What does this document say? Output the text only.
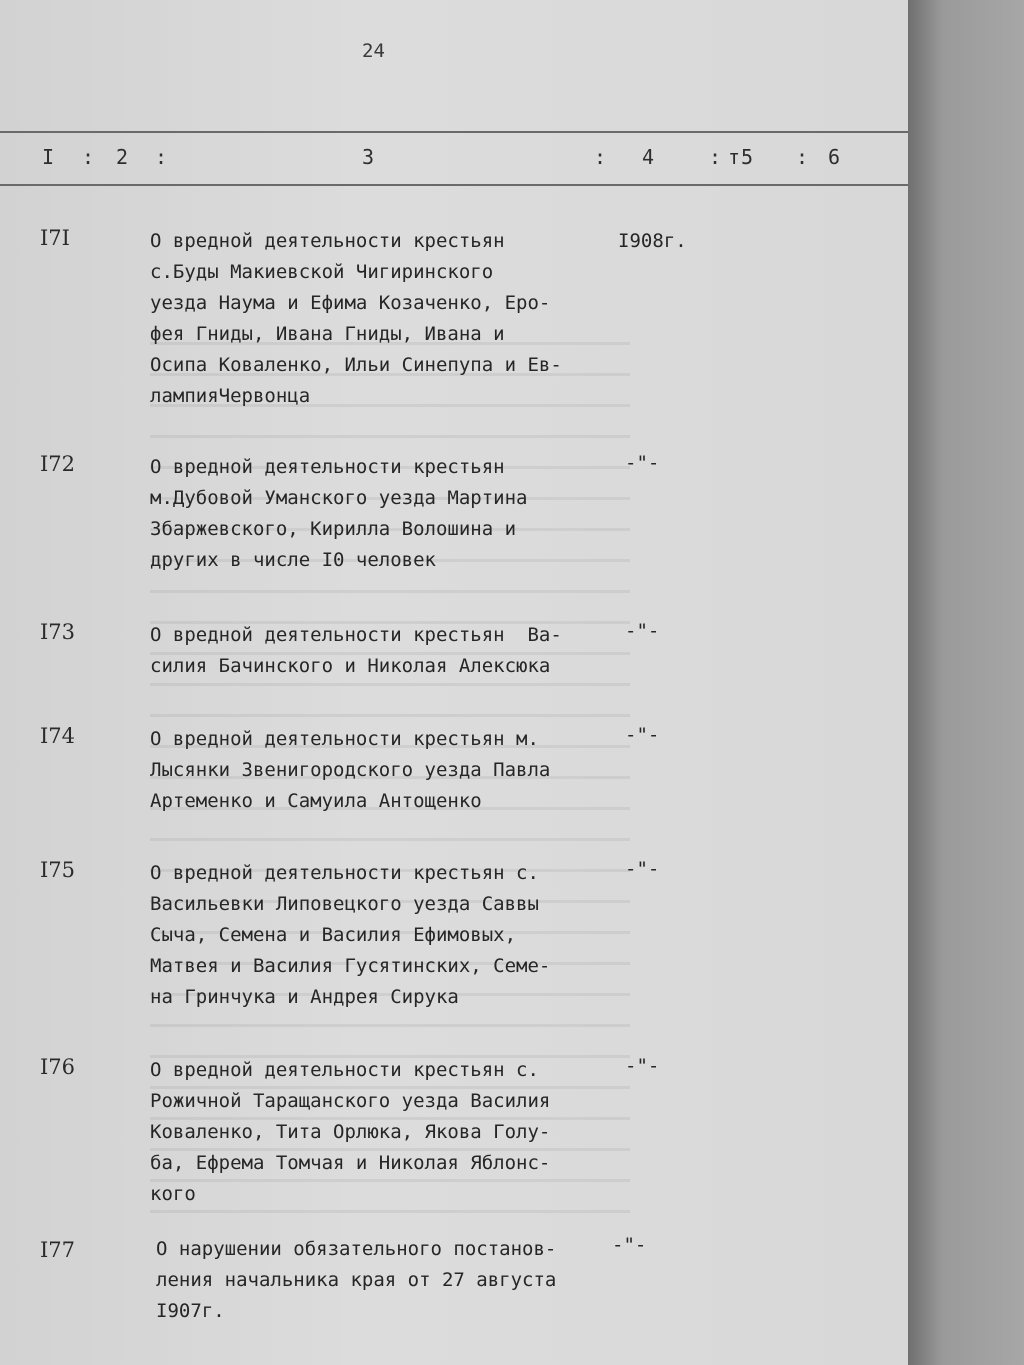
24
I : 2 :	3	: 4	: т5 : 6
I7I	О вредной деятельности крестьян
с.Буды Макиевской Чигиринского
уезда Наума и Ефима Козаченко, Еро-
фея Гниды, Ивана Гниды, Ивана и
Осипа Коваленко, Ильи Синепупа и Ев-
лампияЧервонца
I908г.
I72	О вредной деятельности крестьян
м.Дубовой Уманского уезда Мартина
Збаржевского, Кирилла Волошина и
других в числе I0 человек
-"-
I73	О вредной деятельности крестьян  Ва-
силия Бачинского и Николая Алексюка
-"-
I74	О вредной деятельности крестьян м.
Лысянки Звенигородского уезда Павла
Артеменко и Самуила Антощенко
-"-
I75	О вредной деятельности крестьян с.
Васильевки Липовецкого уезда Саввы
Сыча, Семена и Василия Ефимовых,
Матвея и Василия Гусятинских, Семе-
на Гринчука и Андрея Сирука
-"-
I76	О вредной деятельности крестьян с.
Рожичной Таращанского уезда Василия
Коваленко, Тита Орлюка, Якова Голу-
ба, Ефрема Томчая и Николая Яблонс-
кого
-"-
I77	О нарушении обязательного постанов-
ления начальника края от 27 августа
I907г.
-"-
